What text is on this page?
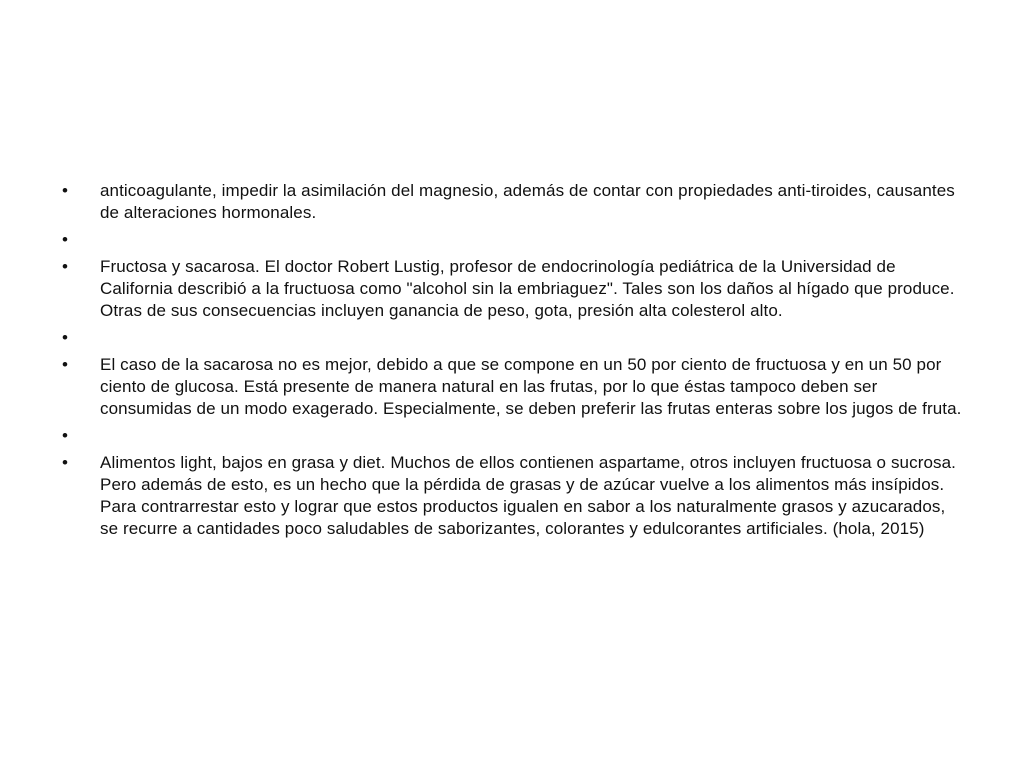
•	anticoagulante, impedir la asimilación del magnesio, además de contar con propiedades anti-tiroides, causantes de alteraciones hormonales.
•
•	Fructosa y sacarosa. El doctor Robert Lustig, profesor de endocrinología pediátrica de la Universidad de California describió a la fructuosa como "alcohol sin la embriaguez". Tales son los daños al hígado que produce. Otras de sus consecuencias incluyen ganancia de peso, gota, presión alta colesterol alto.
•
•	El caso de la sacarosa no es mejor, debido a que se compone en un 50 por ciento de fructuosa y en un 50 por ciento de glucosa. Está presente de manera natural en las frutas, por lo que éstas tampoco deben ser consumidas de un modo exagerado. Especialmente, se deben preferir las frutas enteras sobre los jugos de fruta.
•
•	Alimentos light, bajos en grasa y diet. Muchos de ellos contienen aspartame, otros incluyen fructuosa o sucrosa. Pero además de esto, es un hecho que la pérdida de grasas y de azúcar vuelve a los alimentos más insípidos. Para contrarrestar esto y lograr que estos productos igualen en sabor a los naturalmente grasos y azucarados, se recurre a cantidades poco saludables de saborizantes, colorantes y edulcorantes artificiales. (hola, 2015)
